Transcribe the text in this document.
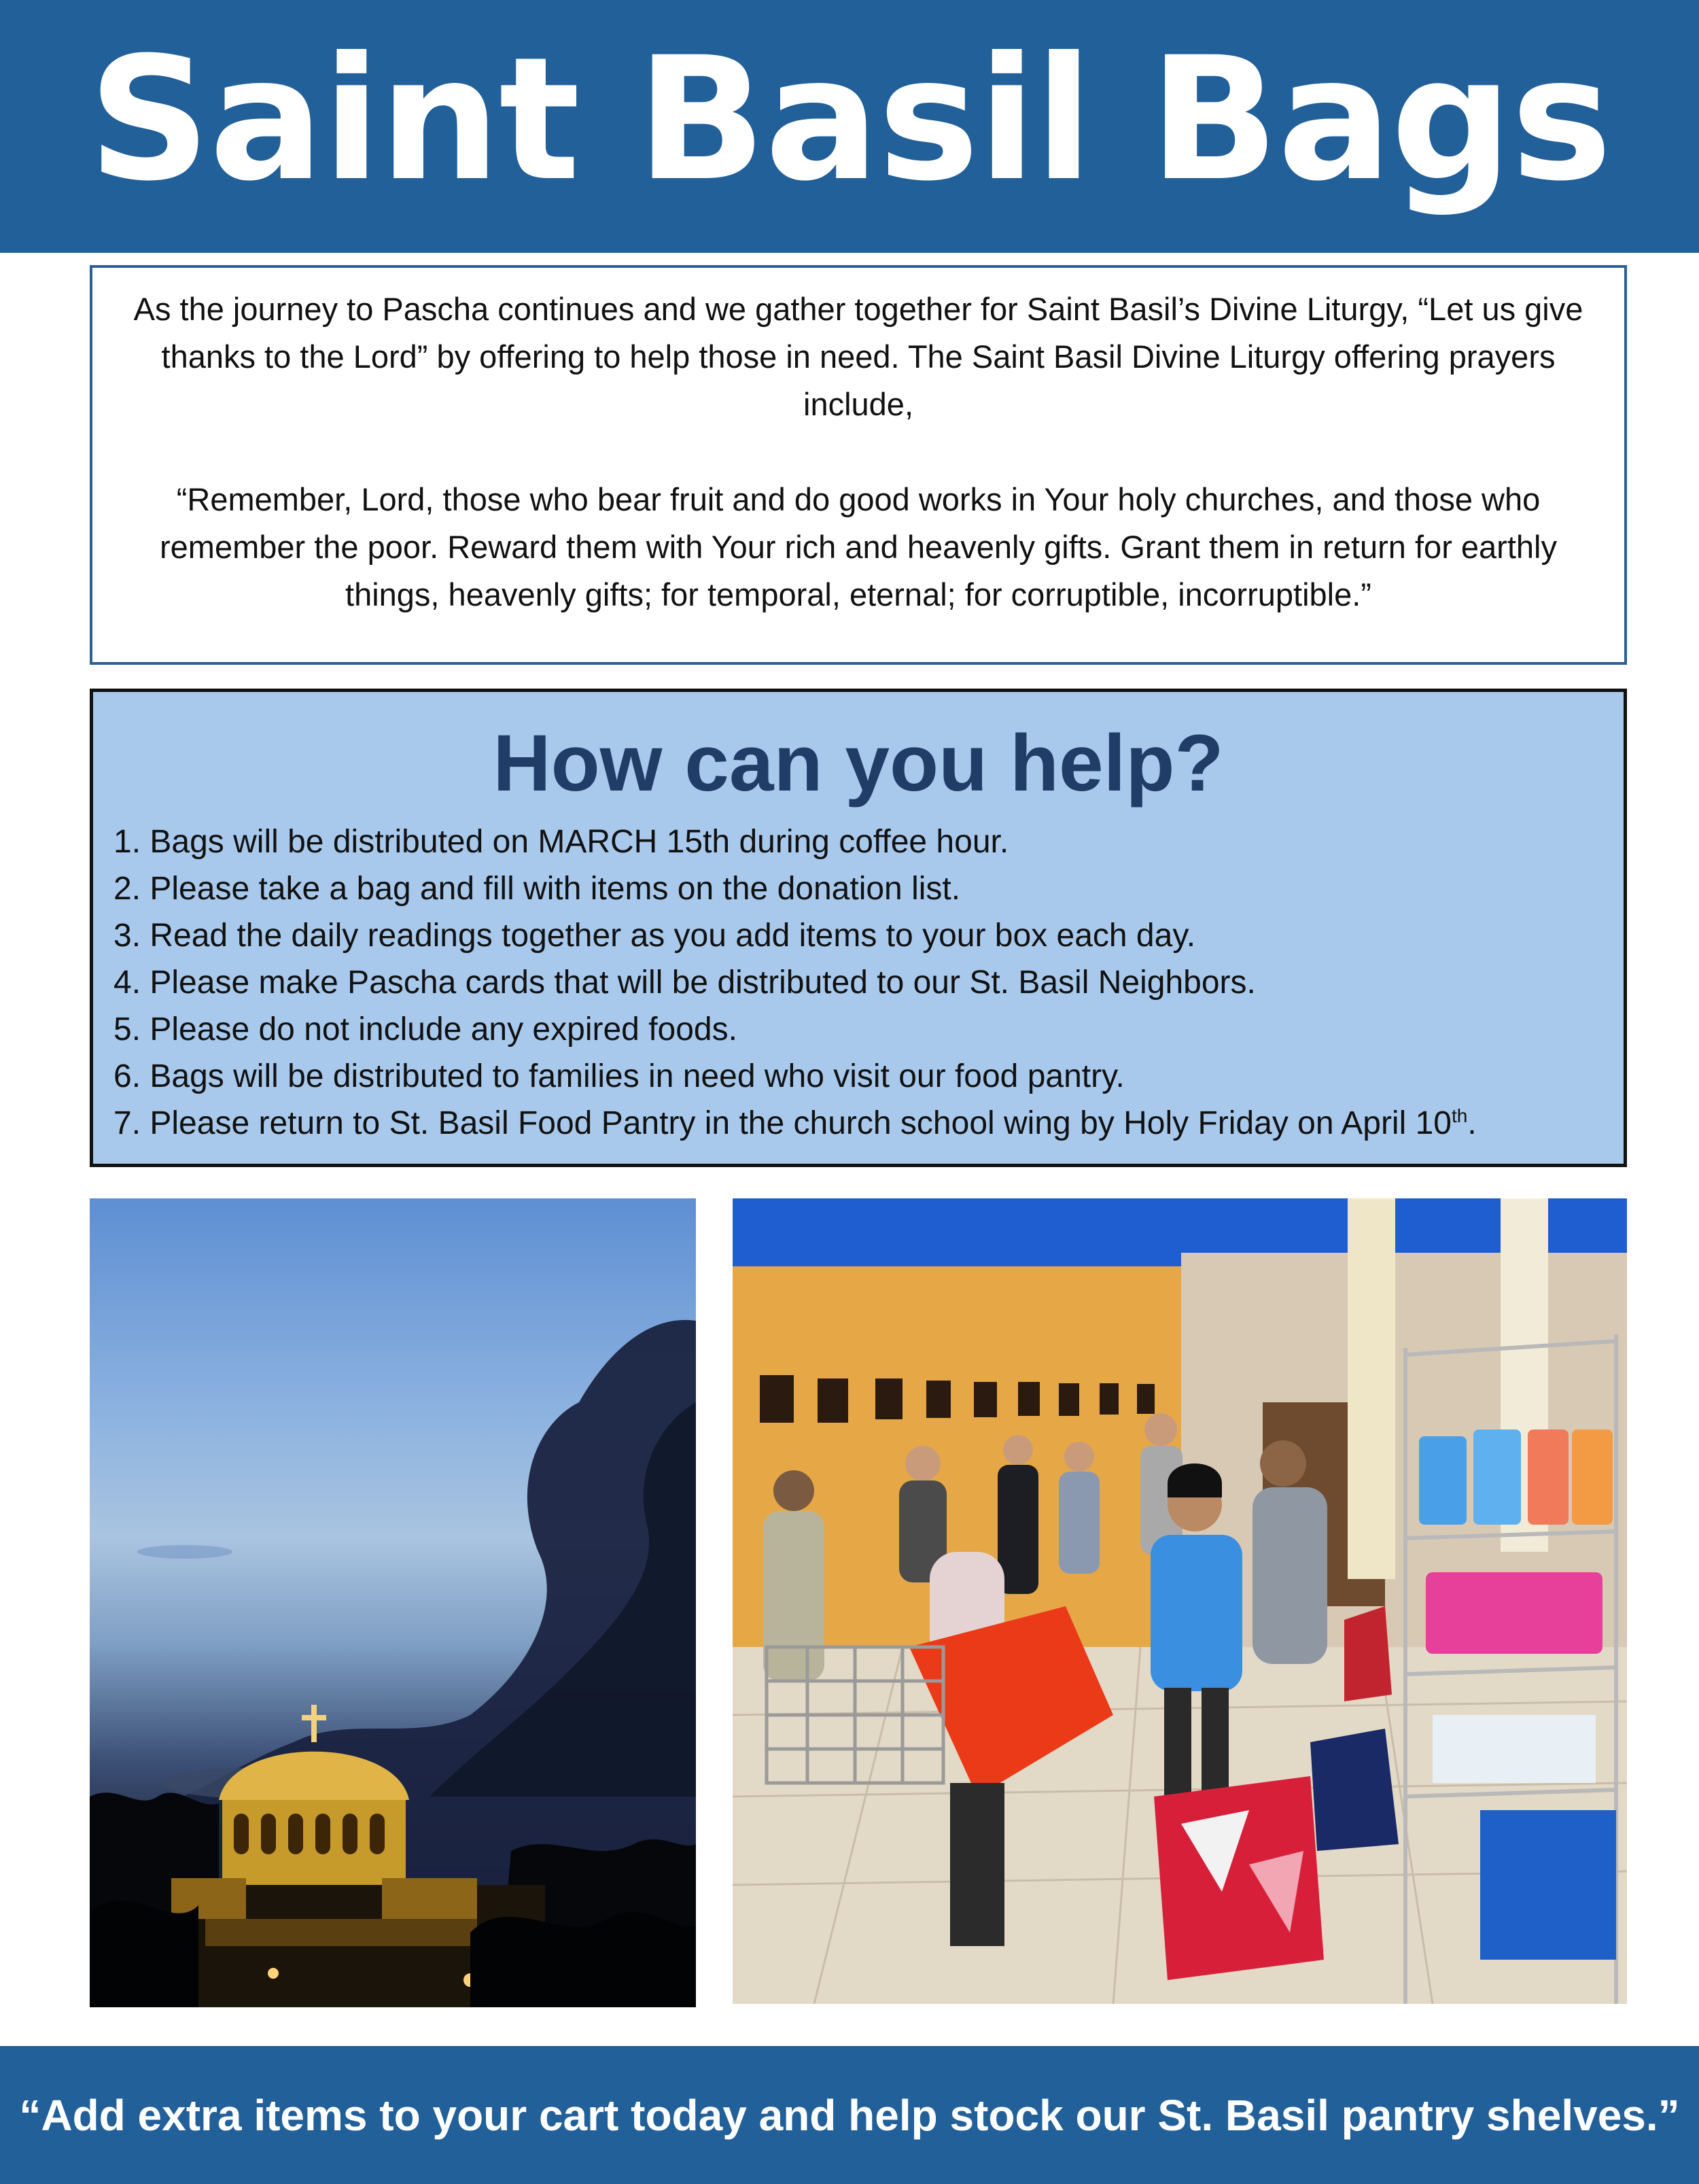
Saint Basil Bags

As the journey to Pascha continues and we gather together for Saint Basil’s Divine Liturgy, “Let us give thanks to the Lord” by offering to help those in need. The Saint Basil Divine Liturgy offering prayers include,

“Remember, Lord, those who bear fruit and do good works in Your holy churches, and those who remember the poor. Reward them with Your rich and heavenly gifts. Grant them in return for earthly things, heavenly gifts; for temporal, eternal; for corruptible, incorruptible.”

How can you help?
1. Bags will be distributed on MARCH 15th during coffee hour.
2. Please take a bag and fill with items on the donation list.
3. Read the daily readings together as you add items to your box each day.
4. Please make Pascha cards that will be distributed to our St. Basil Neighbors.
5. Please do not include any expired foods.
6. Bags will be distributed to families in need who visit our food pantry.
7. Please return to St. Basil Food Pantry in the church school wing by Holy Friday on April 10th.

“Add extra items to your cart today and help stock our St. Basil pantry shelves.”
